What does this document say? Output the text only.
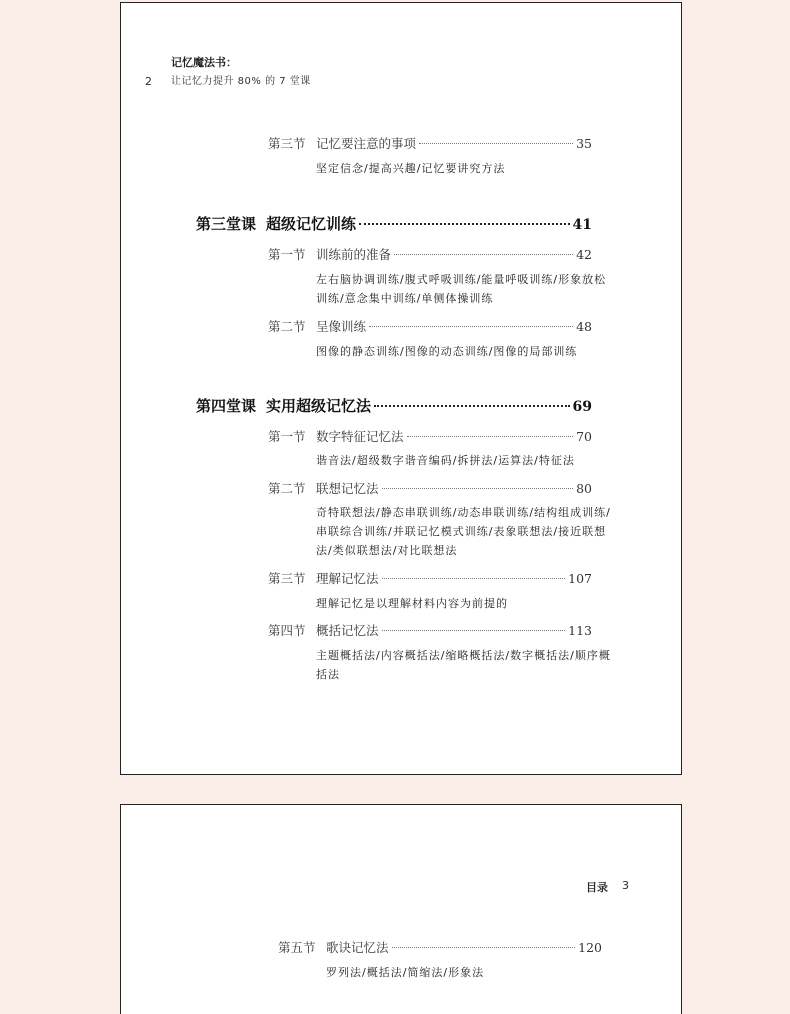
记忆魔法书：
2 让记忆力提升 80% 的 7 堂课
第三节 记忆要注意的事项	35
坚定信念/提高兴趣/记忆要讲究方法
第三堂课 超级记忆训练	41
第一节 训练前的准备	42
左右脑协调训练/腹式呼吸训练/能量呼吸训练/形象放松训练/意念集中训练/单侧体操训练
第二节 呈像训练	48
图像的静态训练/图像的动态训练/图像的局部训练
第四堂课 实用超级记忆法	69
第一节 数字特征记忆法	70
谐音法/超级数字谐音编码/拆拼法/运算法/特征法
第二节 联想记忆法	80
奇特联想法/静态串联训练/动态串联训练/结构组成训练/串联综合训练/并联记忆模式训练/表象联想法/接近联想法/类似联想法/对比联想法
第三节 理解记忆法	107
理解记忆是以理解材料内容为前提的
第四节 概括记忆法	113
主题概括法/内容概括法/缩略概括法/数字概括法/顺序概括法
目录 3
第五节 歌诀记忆法	120
罗列法/概括法/简缩法/形象法
